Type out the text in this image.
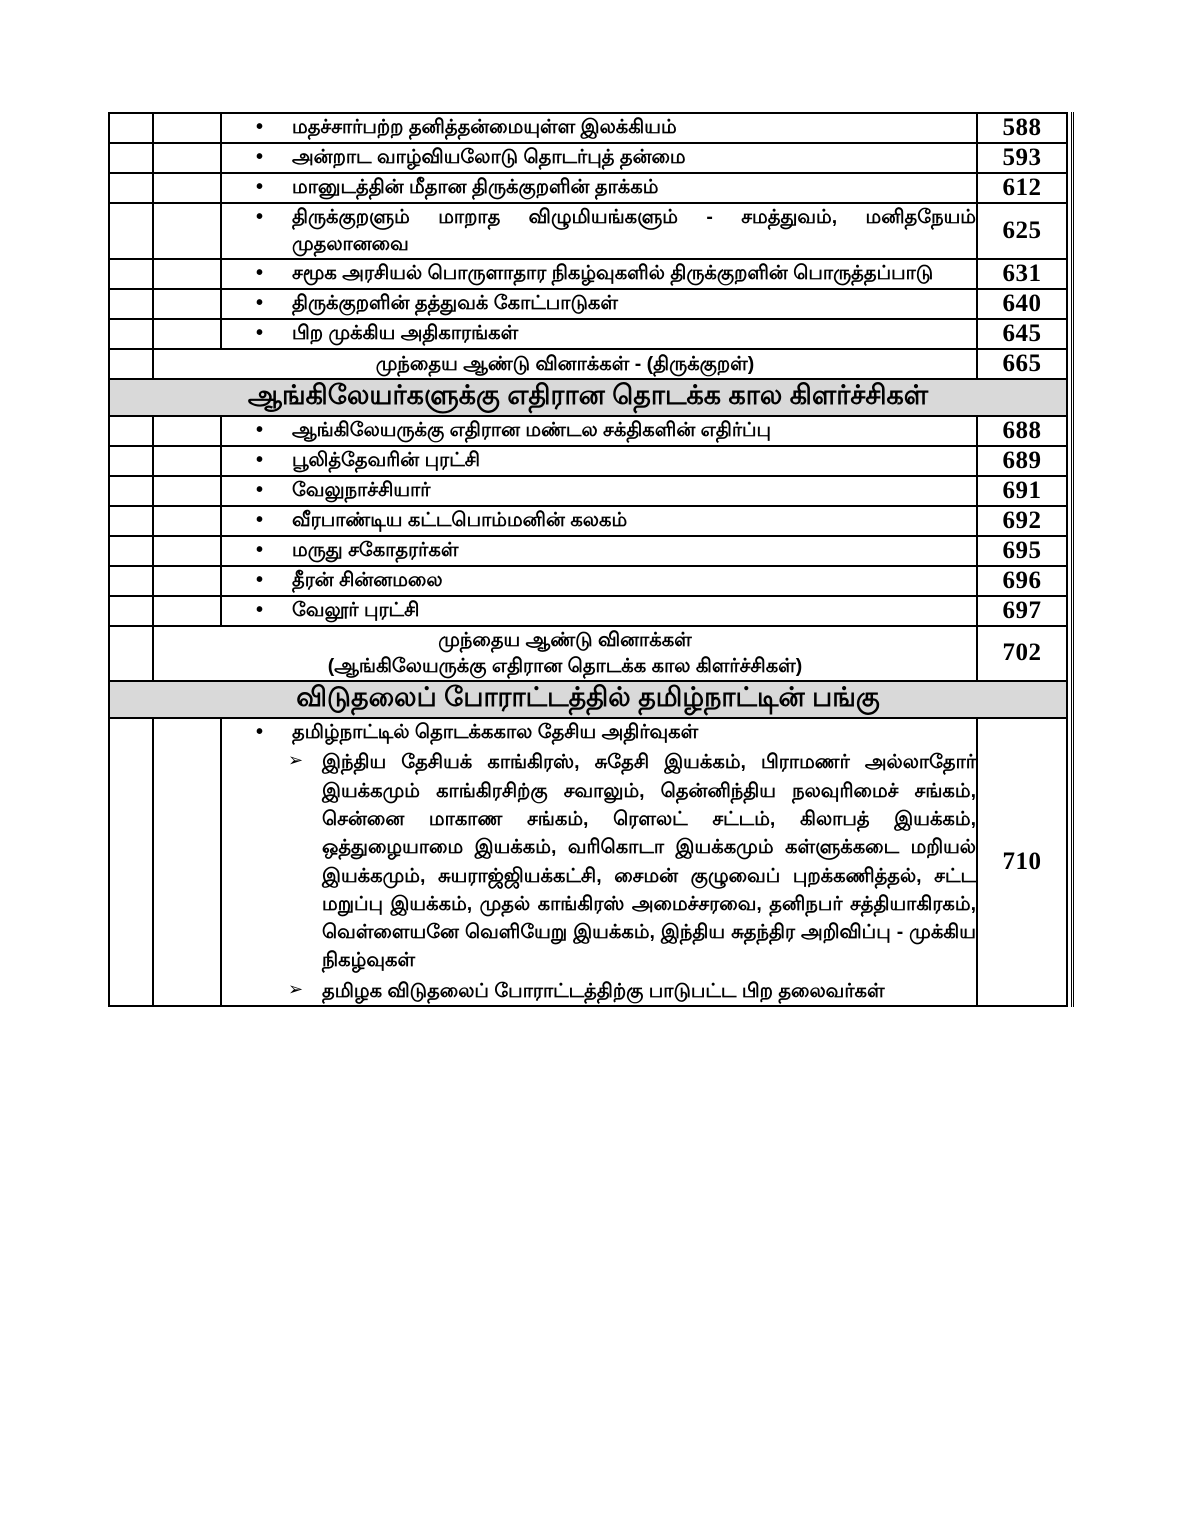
		• மதச்சார்பற்ற தனித்தன்மையுள்ள இலக்கியம்	588

		• அன்றாட வாழ்வியலோடு தொடர்புத் தன்மை	593

		• மானுடத்தின் மீதான திருக்குறளின் தாக்கம்	612

		• திருக்குறளும் மாறாத விழுமியங்களும் - சமத்துவம், மனிதநேயம் முதலானவை	625

		• சமூக அரசியல் பொருளாதார நிகழ்வுகளில் திருக்குறளின் பொருத்தப்பாடு	631

		• திருக்குறளின் தத்துவக் கோட்பாடுகள்	640

		• பிற முக்கிய அதிகாரங்கள்	645
	முந்தைய ஆண்டு வினாக்கள் - (திருக்குறள்)		665
ஆங்கிலேயர்களுக்கு எதிரான தொடக்க கால கிளர்ச்சிகள்			

		• ஆங்கிலேயருக்கு எதிரான மண்டல சக்திகளின் எதிர்ப்பு	688

		• பூலித்தேவரின் புரட்சி	689

		• வேலுநாச்சியார்	691

		• வீரபாண்டிய கட்டபொம்மனின் கலகம்	692

		• மருது சகோதரர்கள்	695

		• தீரன் சின்னமலை	696

		• வேலூர் புரட்சி	697

	முந்தைய ஆண்டு வினாக்கள்
(ஆங்கிலேயருக்கு எதிரான தொடக்க கால கிளர்ச்சிகள்)		702
விடுதலைப் போராட்டத்தில் தமிழ்நாட்டின் பங்கு			

•	தமிழ்நாட்டில் தொடக்ககால தேசிய அதிர்வுகள்
➢ இந்திய தேசியக் காங்கிரஸ், சுதேசி இயக்கம், பிராமணர் அல்லாதோர் இயக்கமும் காங்கிரசிற்கு சவாலும், தென்னிந்திய நலவுரிமைச் சங்கம், சென்னை மாகாண சங்கம், ரெளலட் சட்டம், கிலாபத் இயக்கம், ஒத்துழையாமை இயக்கம், வரிகொடா இயக்கமும் கள்ளுக்கடை மறியல் இயக்கமும், சுயராஜ்ஜியக்கட்சி, சைமன் குழுவைப் புறக்கணித்தல், சட்ட மறுப்பு இயக்கம், முதல் காங்கிரஸ் அமைச்சரவை, தனிநபர் சத்தியாகிரகம், வெள்ளையனே வெளியேறு இயக்கம், இந்திய சுதந்திர அறிவிப்பு - முக்கிய நிகழ்வுகள்
➢ தமிழக விடுதலைப் போராட்டத்திற்கு பாடுபட்ட பிற தலைவர்கள்
	710
